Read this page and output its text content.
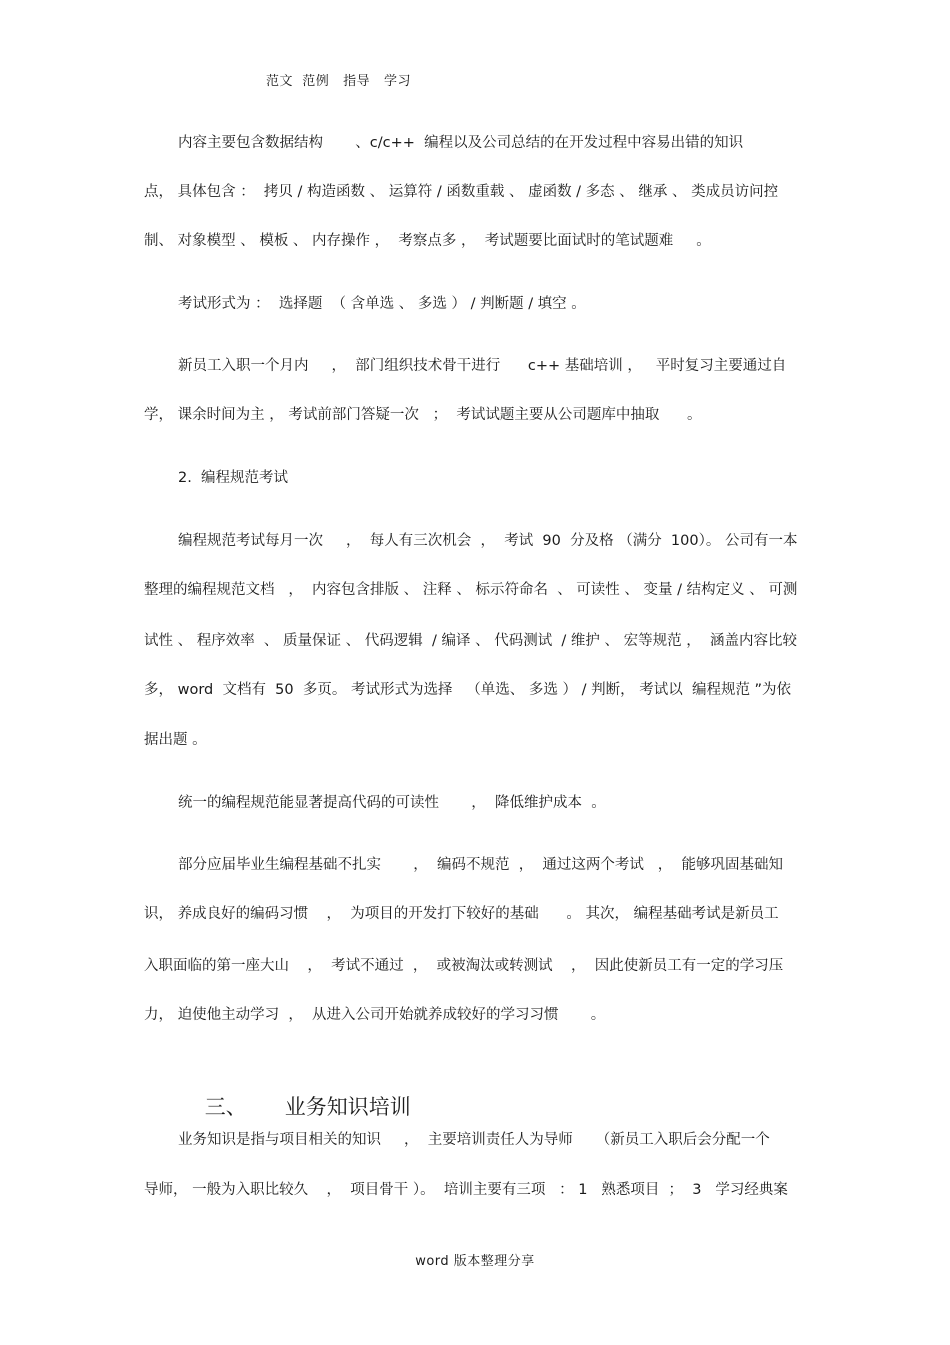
范文  范例   指导   学习
内容主要包含数据结构       、c/c++  编程以及公司总结的在开发过程中容易出错的知识
点， 具体包含 ：  拷贝 / 构造函数 、 运算符 / 函数重载 、 虚函数 / 多态 、 继承 、 类成员访问控
制、 对象模型 、 模板 、 内存操作 ，  考察点多 ，  考试题要比面试时的笔试题难     。
考试形式为 ：  选择题  （ 含单选 、 多选 ） / 判断题 / 填空 。
新员工入职一个月内     ，  部门组织技术骨干进行      c++ 基础培训 ，   平时复习主要通过自
学， 课余时间为主 ， 考试前部门答疑一次   ；  考试试题主要从公司题库中抽取      。
2.  编程规范考试
编程规范考试每月一次     ，  每人有三次机会  ，  考试  90  分及格 （满分  100）。 公司有一本
整理的编程规范文档   ，  内容包含排版 、 注释 、 标示符命名  、 可读性 、 变量 / 结构定义 、 可测
试性 、 程序效率  、 质量保证 、 代码逻辑  / 编译 、 代码测试  / 维护 、 宏等规范 ，  涵盖内容比较
多， word  文档有  50  多页。 考试形式为选择   （单选、 多选 ） / 判断， 考试以  编程规范 ”为依
据出题 。
统一的编程规范能显著提高代码的可读性       ，  降低维护成本  。
部分应届毕业生编程基础不扎实       ，  编码不规范  ，  通过这两个考试   ，  能够巩固基础知
识， 养成良好的编码习惯    ，  为项目的开发打下较好的基础      。 其次， 编程基础考试是新员工
入职面临的第一座大山    ，  考试不通过  ，  或被淘汰或转测试    ，  因此使新员工有一定的学习压
力， 迫使他主动学习  ，  从进入公司开始就养成较好的学习习惯       。

三、 业务知识培训

业务知识是指与项目相关的知识     ，  主要培训责任人为导师     （新员工入职后会分配一个
导师， 一般为入职比较久    ，  项目骨干 ）。  培训主要有三项   ： 1   熟悉项目  ；  3   学习经典案
word 版本整理分享
